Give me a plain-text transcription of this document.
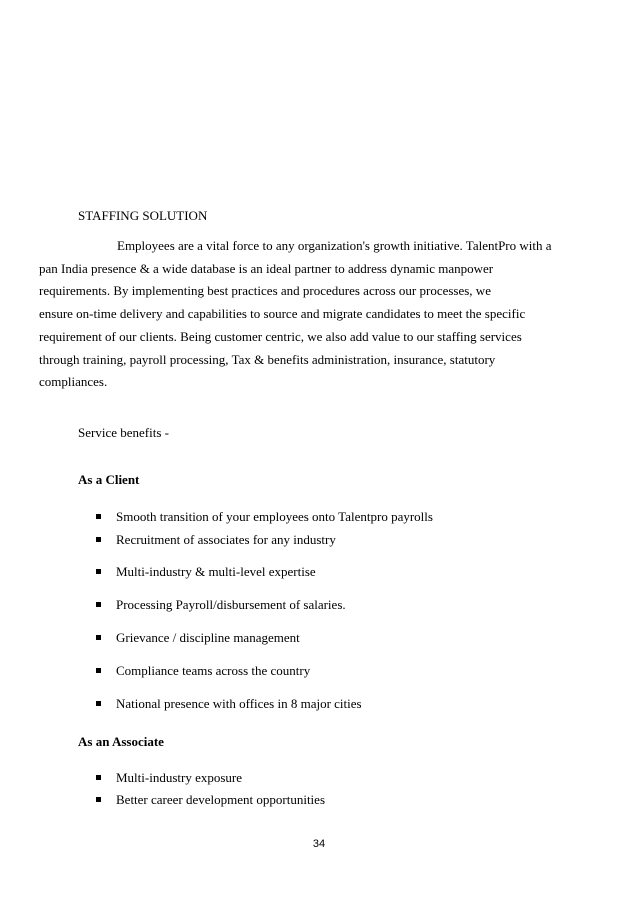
STAFFING SOLUTION

Employees are a vital force to any organization's growth initiative. TalentPro with a
pan India presence & a wide database is an ideal partner to address dynamic manpower
requirements. By implementing best practices and procedures across our processes, we
ensure on-time delivery and capabilities to source and migrate candidates to meet the specific
requirement of our clients. Being customer centric, we also add value to our staffing services
through training, payroll processing, Tax & benefits administration, insurance, statutory
compliances.

Service benefits -

As a Client

Smooth transition of your employees onto Talentpro payrolls
Recruitment of associates for any industry
Multi-industry & multi-level expertise
Processing Payroll/disbursement of salaries.
Grievance / discipline management
Compliance teams across the country
National presence with offices in 8 major cities

As an Associate

Multi-industry exposure
Better career development opportunities

34
